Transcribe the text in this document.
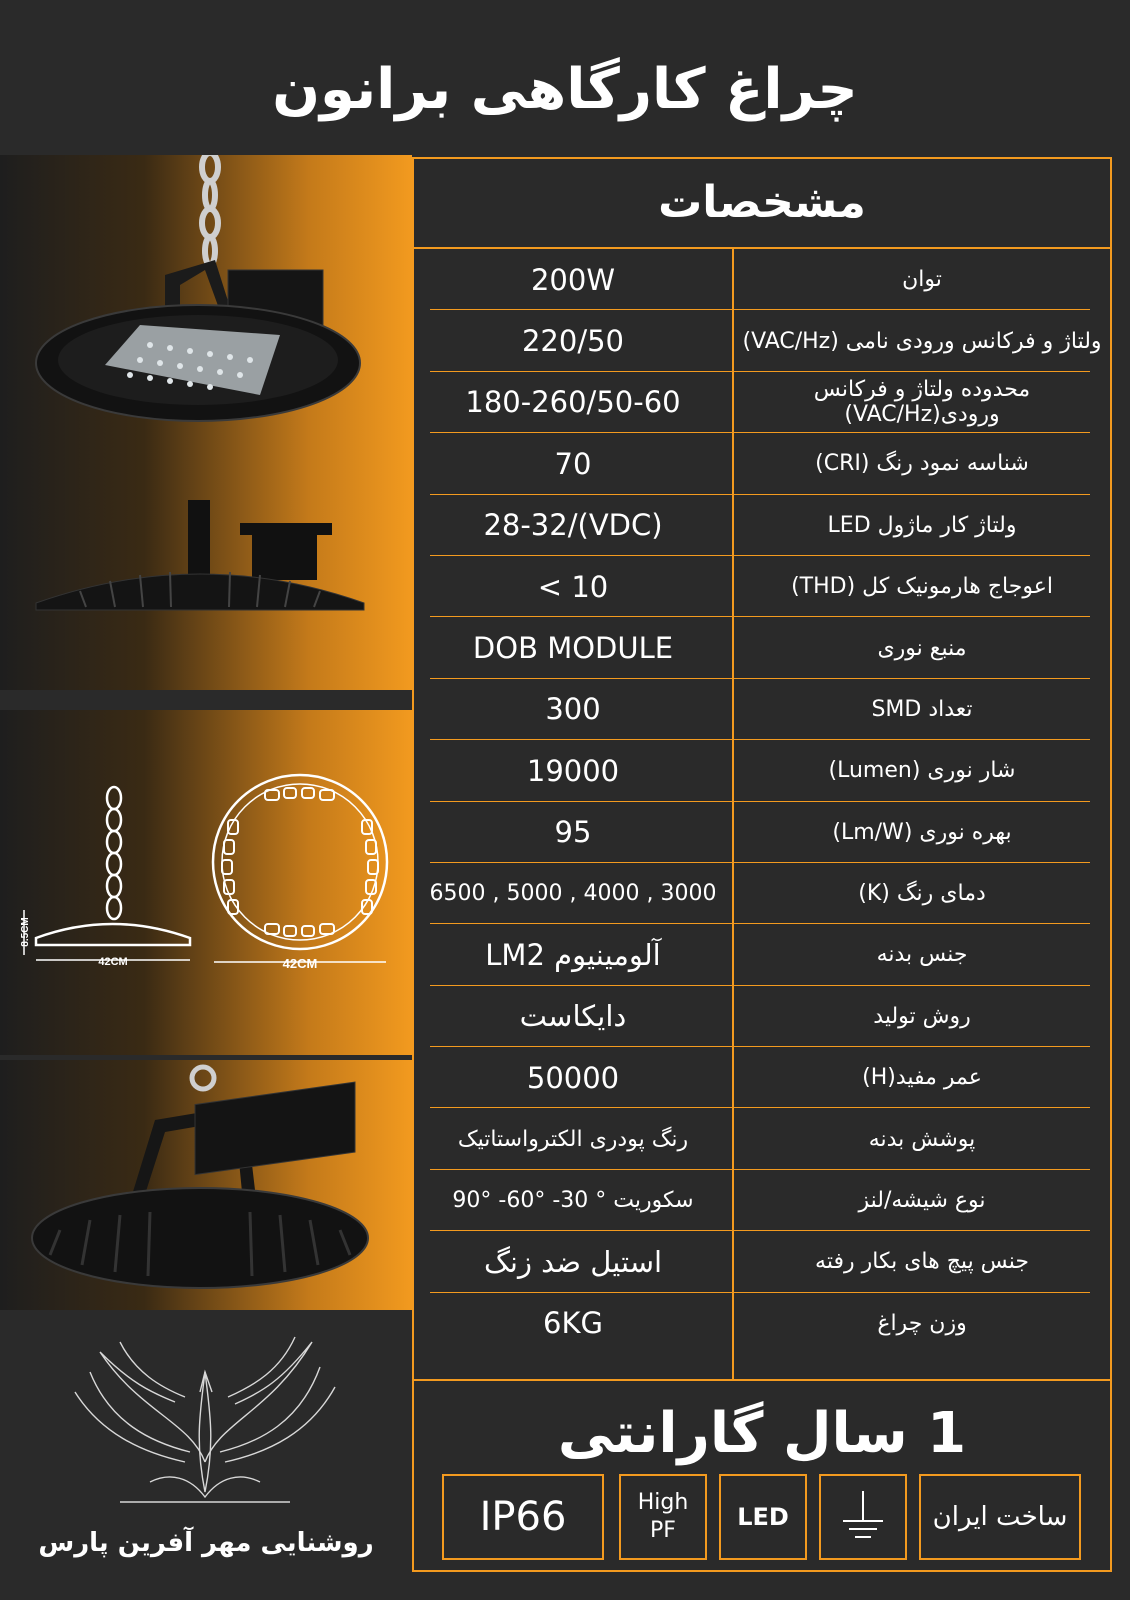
چراغ کارگاهی برانون
42CM
8.5CM
42CM
روشنایی مهر آفرین پارس
مشخصات
200W	توان
220/50	ولتاژ و فرکانس ورودی نامی (VAC/Hz)
180-260/50-60	محدوده ولتاژ و فرکانس ورودی(VAC/Hz)
70	شناسه نمود رنگ (CRI)
(VDC)/28-32	ولتاژ کار ماژول LED
10 >	اعوجاج هارمونیک کل (THD)
DOB MODULE	منبع نوری
300	تعداد SMD
19000	شار نوری (Lumen)
95	بهره نوری (Lm/W)
6500 , 5000 , 4000 , 3000	دمای رنگ (K)
آلومینیوم LM2	جنس بدنه
دایکاست	روش تولید
50000	عمر مفید(H)
رنگ پودری الکترواستاتیک	پوشش بدنه
سکوریت ° 30- °60- °90	نوع شیشه/لنز
استیل ضد زنگ	جنس پیچ های بکار رفته
6KG	وزن چراغ
1 سال گارانتی
IP66	High
PF	LED	ساخت ایران
